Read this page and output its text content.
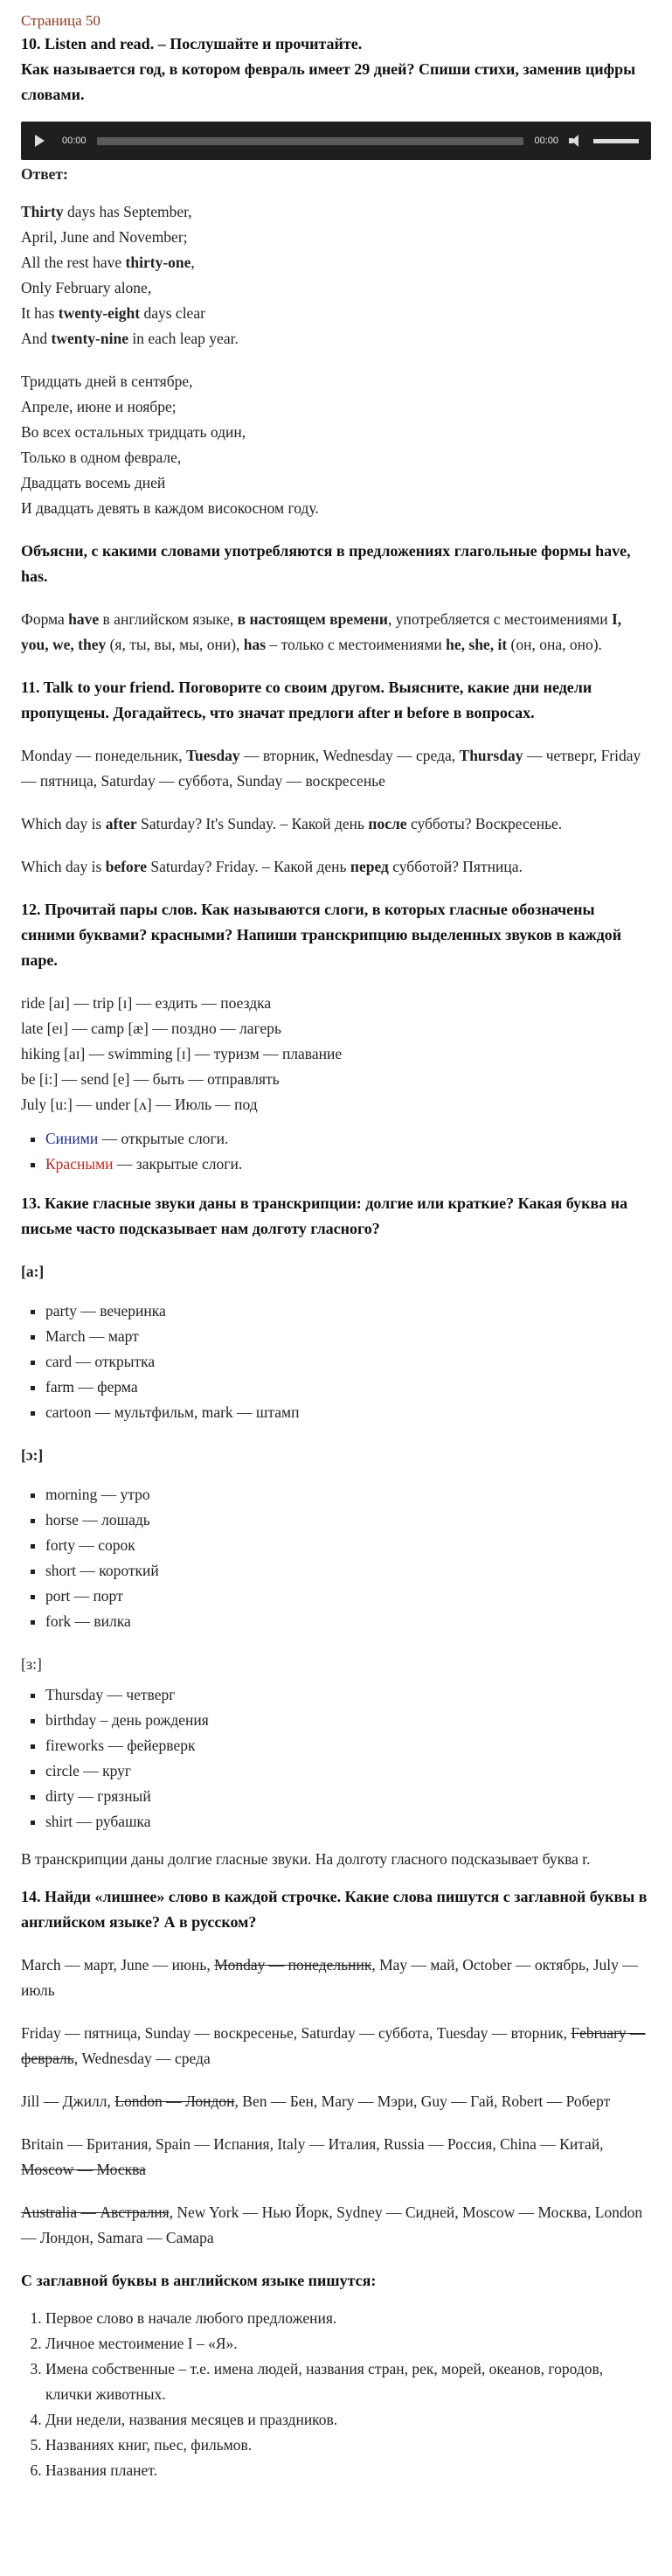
Страница 50
10. Listen and read. – Послушайте и прочитайте.
Как называется год, в котором февраль имеет 29 дней? Спиши стихи, заменив цифры словами.
00:00	00:00
Ответ:
Thirty days has September,
April, June and November;
All the rest have thirty-one,
Only February alone,
It has twenty-eight days clear
And twenty-nine in each leap year.
Тридцать дней в сентябре,
Апреле, июне и ноябре;
Во всех остальных тридцать один,
Только в одном феврале,
Двадцать восемь дней
И двадцать девять в каждом високосном году.
Объясни, с какими словами употребляются в предложениях глагольные формы have, has.
Форма have в английском языке, в настоящем времени, употребляется с местоимениями I, you, we, they (я, ты, вы, мы, они), has – только с местоимениями he, she, it (он, она, оно).
11. Talk to your friend. Поговорите со своим другом. Выясните, какие дни недели пропущены. Догадайтесь, что значат предлоги after и before в вопросах.
Monday — понедельник, Tuesday — вторник, Wednesday — среда, Thursday — четверг, Friday — пятница, Saturday — суббота, Sunday — воскресенье
Which day is after Saturday? It's Sunday. – Какой день после субботы? Воскресенье.
Which day is before Saturday? Friday. – Какой день перед субботой? Пятница.
12. Прочитай пары слов. Как называются слоги, в которых гласные обозначены синими буквами? красными? Напиши транскрипцию выделенных звуков в каждой паре.
ride [aɪ] — trip [ɪ] — ездить — поездка
late [eɪ] — camp [æ] — поздно — лагерь
hiking [aɪ] — swimming [ɪ] — туризм — плавание
be [i:] — send [e] — быть — отправлять
July [u:] — under [ʌ] — Июль — под
▪ Синими — открытые слоги.
▪ Красными — закрытые слоги.
13. Какие гласные звуки даны в транскрипции: долгие или краткие? Какая буква на письме часто подсказывает нам долготу гласного?
[a:]
▪ party — вечеринка
▪ March — март
▪ card — открытка
▪ farm — ферма
▪ cartoon — мультфильм, mark — штамп
[ɔ:]
▪ morning — утро
▪ horse — лошадь
▪ forty — сорок
▪ short — короткий
▪ port — порт
▪ fork — вилка
[ɜ:]
▪ Thursday — четверг
▪ birthday – день рождения
▪ fireworks — фейерверк
▪ circle — круг
▪ dirty — грязный
▪ shirt — рубашка
В транскрипции даны долгие гласные звуки. На долготу гласного подсказывает буква r.
14. Найди «лишнее» слово в каждой строчке. Какие слова пишутся с заглавной буквы в английском языке? А в русском?
March — март, June — июнь, Monday — понедельник, May — май, October — октябрь, July — июль
Friday — пятница, Sunday — воскресенье, Saturday — суббота, Tuesday — вторник, February — февраль, Wednesday — среда
Jill — Джилл, London — Лондон, Ben — Бен, Mary — Мэри, Guy — Гай, Robert — Роберт
Britain — Британия, Spain — Испания, Italy — Италия, Russia — Россия, China — Китай, Moscow — Москва
Australia — Австралия, New York — Нью Йорк, Sydney — Сидней, Moscow — Москва, London — Лондон, Samara — Самара
С заглавной буквы в английском языке пишутся:
1. Первое слово в начале любого предложения.
2. Личное местоимение I – «Я».
3. Имена собственные – т.е. имена людей, названия стран, рек, морей, океанов, городов, клички животных.
4. Дни недели, названия месяцев и праздников.
5. Названиях книг, пьес, фильмов.
6. Названия планет.
